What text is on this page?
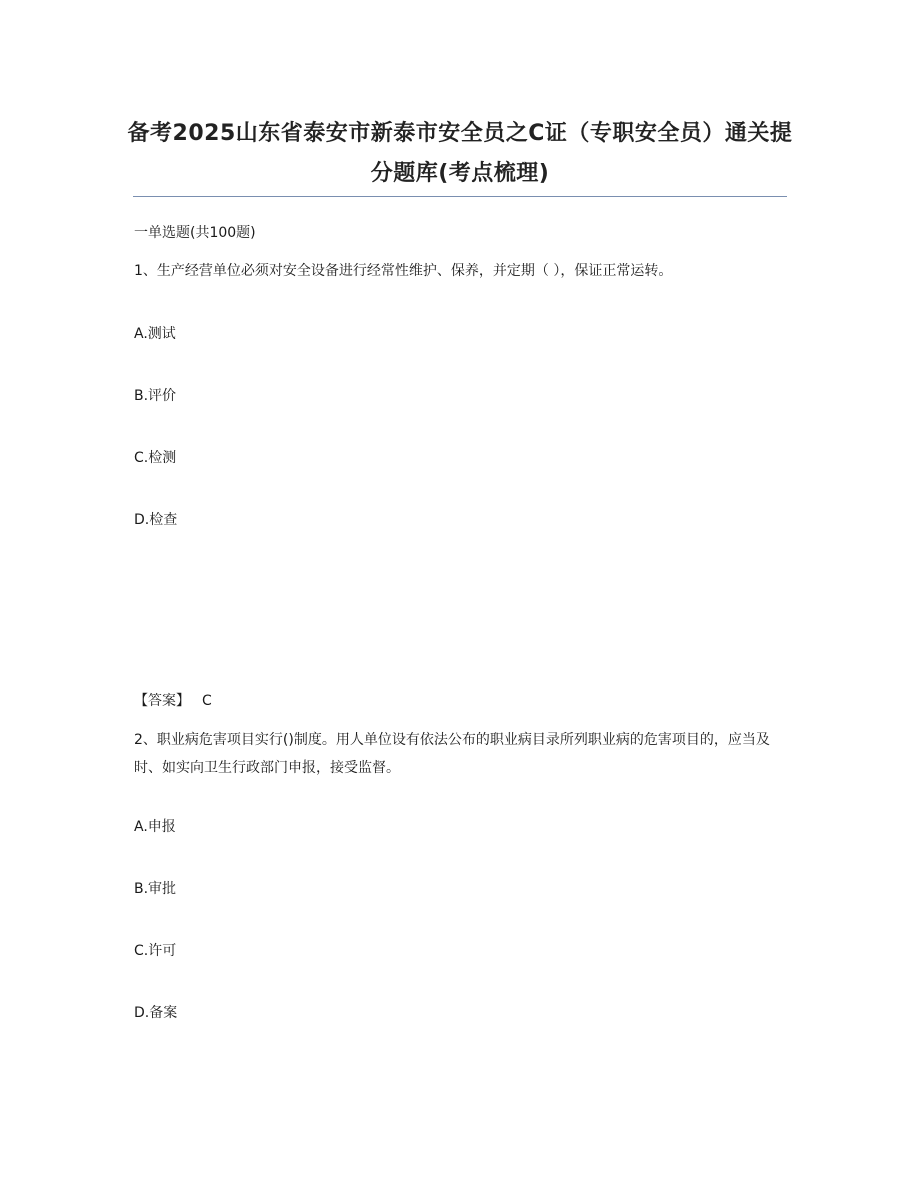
备考2025山东省泰安市新泰市安全员之C证（专职安全员）通关提分题库(考点梳理)
一单选题(共100题)
1、生产经营单位必须对安全设备进行经常性维护、保养，并定期（ ），保证正常运转。
A.测试
B.评价
C.检测
D.检查
【答案】 C
2、职业病危害项目实行()制度。用人单位设有依法公布的职业病目录所列职业病的危害项目的，应当及时、如实向卫生行政部门申报，接受监督。
A.申报
B.审批
C.许可
D.备案
